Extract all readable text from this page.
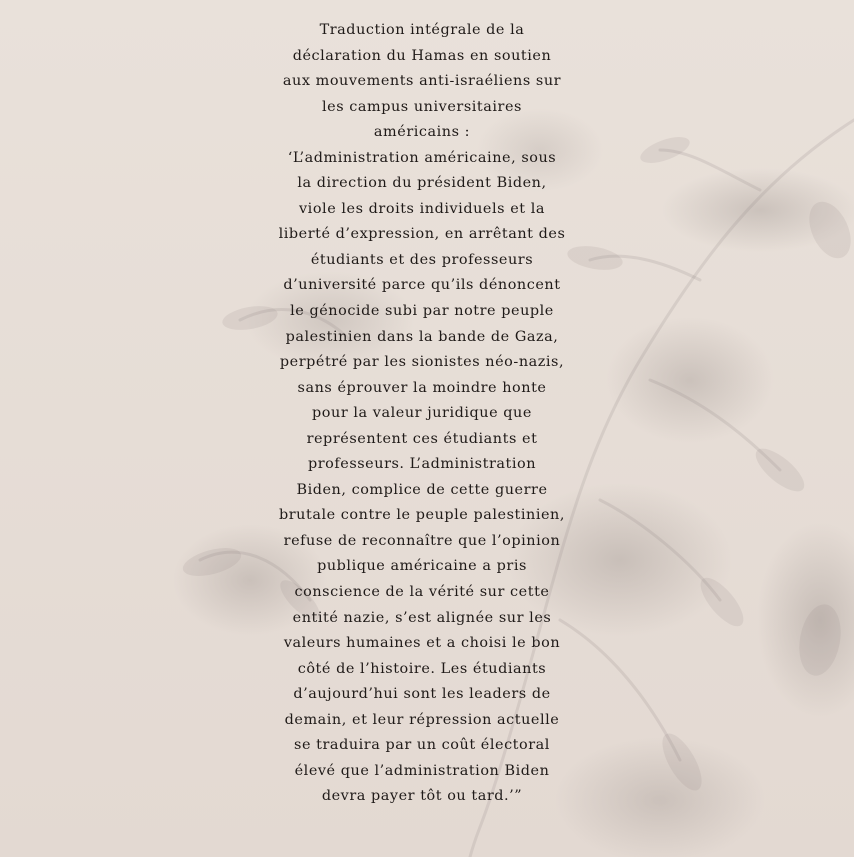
Traduction intégrale de la
déclaration du Hamas en soutien
aux mouvements anti-israéliens sur
les campus universitaires
américains :
‘L’administration américaine, sous
la direction du président Biden,
viole les droits individuels et la
liberté d’expression, en arrêtant des
étudiants et des professeurs
d’université parce qu’ils dénoncent
le génocide subi par notre peuple
palestinien dans la bande de Gaza,
perpétré par les sionistes néo-nazis,
sans éprouver la moindre honte
pour la valeur juridique que
représentent ces étudiants et
professeurs. L’administration
Biden, complice de cette guerre
brutale contre le peuple palestinien,
refuse de reconnaître que l’opinion
publique américaine a pris
conscience de la vérité sur cette
entité nazie, s’est alignée sur les
valeurs humaines et a choisi le bon
côté de l’histoire. Les étudiants
d’aujourd’hui sont les leaders de
demain, et leur répression actuelle
se traduira par un coût électoral
élevé que l’administration Biden
devra payer tôt ou tard.’”
